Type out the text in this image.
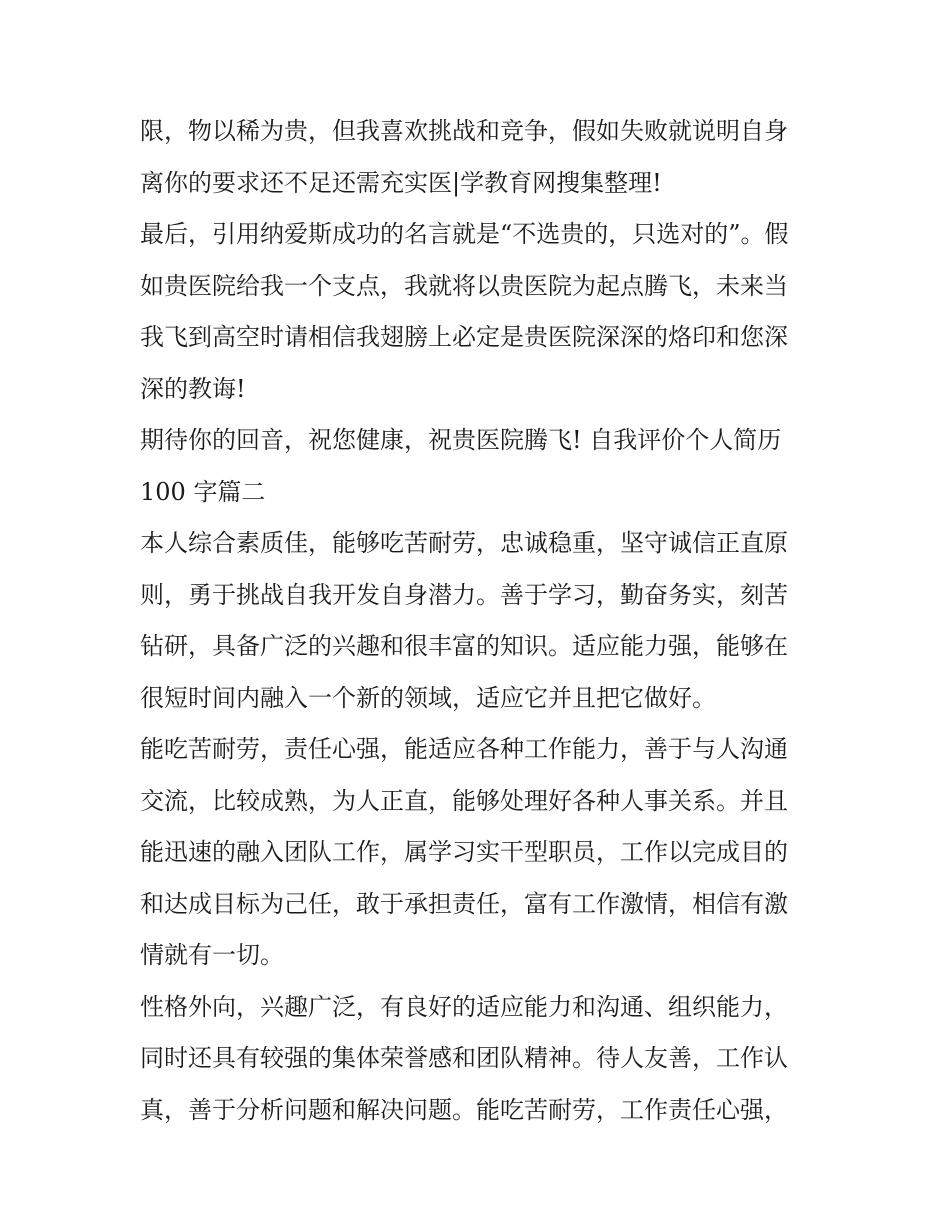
限，物以稀为贵，但我喜欢挑战和竞争，假如失败就说明自身
离你的要求还不足还需充实医|学教育网搜集整理!
最后，引用纳爱斯成功的名言就是“不选贵的，只选对的”。假
如贵医院给我一个支点，我就将以贵医院为起点腾飞，未来当
我飞到高空时请相信我翅膀上必定是贵医院深深的烙印和您深
深的教诲!
期待你的回音，祝您健康，祝贵医院腾飞! 自我评价个人简历
100 字篇二
本人综合素质佳，能够吃苦耐劳，忠诚稳重，坚守诚信正直原
则，勇于挑战自我开发自身潜力。善于学习，勤奋务实，刻苦
钻研，具备广泛的兴趣和很丰富的知识。适应能力强，能够在
很短时间内融入一个新的领域，适应它并且把它做好。
能吃苦耐劳，责任心强，能适应各种工作能力，善于与人沟通
交流，比较成熟，为人正直，能够处理好各种人事关系。并且
能迅速的融入团队工作，属学习实干型职员，工作以完成目的
和达成目标为己任，敢于承担责任，富有工作激情，相信有激
情就有一切。
性格外向，兴趣广泛，有良好的适应能力和沟通、组织能力，
同时还具有较强的集体荣誉感和团队精神。待人友善，工作认
真，善于分析问题和解决问题。能吃苦耐劳，工作责任心强，
